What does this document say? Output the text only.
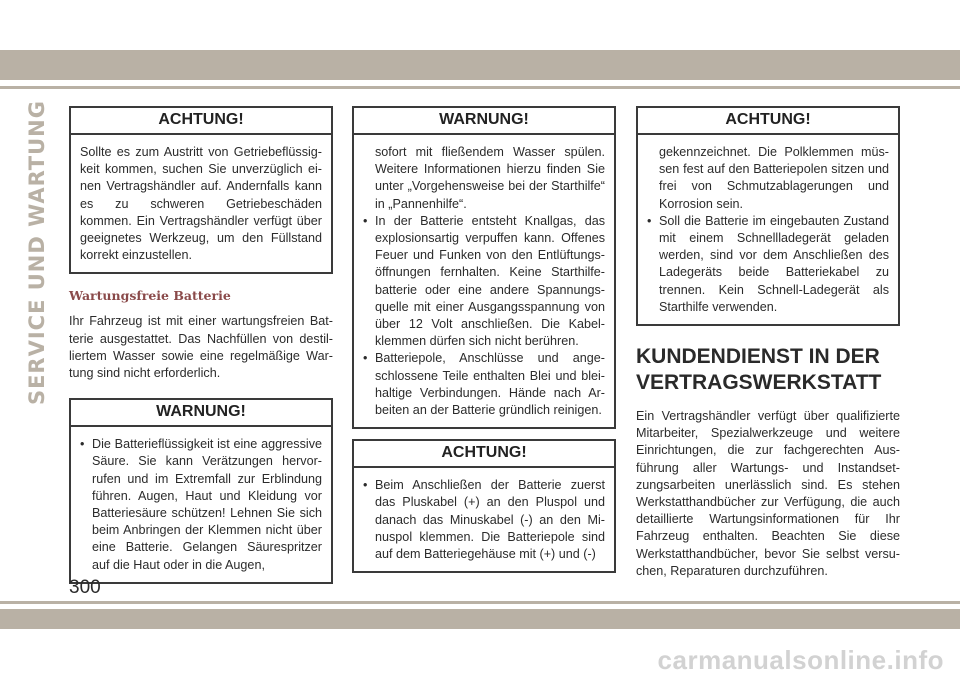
SERVICE UND WARTUNG	ACHTUNG!

Sollte es zum Austritt von Getriebeflüssigkeit kommen, suchen Sie unverzüglich einen Vertragshändler auf. Andernfalls kann es zu schweren Getriebeschäden kommen. Ein Vertragshändler verfügt über geeignetes Werkzeug, um den Füllstand korrekt einzustellen.

Wartungsfreie Batterie

Ihr Fahrzeug ist mit einer wartungsfreien Batterie ausgestattet. Das Nachfüllen von destilliertem Wasser sowie eine regelmäßige Wartung sind nicht erforderlich.

WARNUNG!

• Die Batterieflüssigkeit ist eine aggressive Säure. Sie kann Verätzungen hervorrufen und im Extremfall zur Erblindung führen. Augen, Haut und Kleidung vor Batteriesäure schützen! Lehnen Sie sich beim Anbringen der Klemmen nicht über eine Batterie. Gelangen Säurespritzer auf die Haut oder in die Augen,

WARNUNG!

sofort mit fließendem Wasser spülen. Weitere Informationen hierzu finden Sie unter „Vorgehensweise bei der Starthilfe“ in „Pannenhilfe“.

• In der Batterie entsteht Knallgas, das explosionsartig verpuffen kann. Offenes Feuer und Funken von den Entlüftungsöffnungen fernhalten. Keine Starthilfebatterie oder eine andere Spannungsquelle mit einer Ausgangsspannung von über 12 Volt anschließen. Die Kabelklemmen dürfen sich nicht berühren.

• Batteriepole, Anschlüsse und angeschlossene Teile enthalten Blei und bleihaltige Verbindungen. Hände nach Arbeiten an der Batterie gründlich reinigen.

ACHTUNG!

• Beim Anschließen der Batterie zuerst das Pluskabel (+) an den Pluspol und danach das Minuskabel (-) an den Minuspol klemmen. Die Batteriepole sind auf dem Batteriegehäuse mit (+) und (-)

ACHTUNG!

gekennzeichnet. Die Polklemmen müssen fest auf den Batteriepolen sitzen und frei von Schmutzablagerungen und Korrosion sein.

• Soll die Batterie im eingebauten Zustand mit einem Schnellladegerät geladen werden, sind vor dem Anschließen des Ladegeräts beide Batteriekabel zu trennen. Kein Schnell-Ladegerät als Starthilfe verwenden.

KUNDENDIENST IN DER VERTRAGSWERKSTATT

Ein Vertragshändler verfügt über qualifizierte Mitarbeiter, Spezialwerkzeuge und weitere Einrichtungen, die zur fachgerechten Ausführung aller Wartungs- und Instandsetzungsarbeiten unerlässlich sind. Es stehen Werkstatthandbücher zur Verfügung, die auch detaillierte Wartungsinformationen für Ihr Fahrzeug enthalten. Beachten Sie diese Werkstatthandbücher, bevor Sie selbst versuchen, Reparaturen durchzuführen.

300
carmanualsonline.info
